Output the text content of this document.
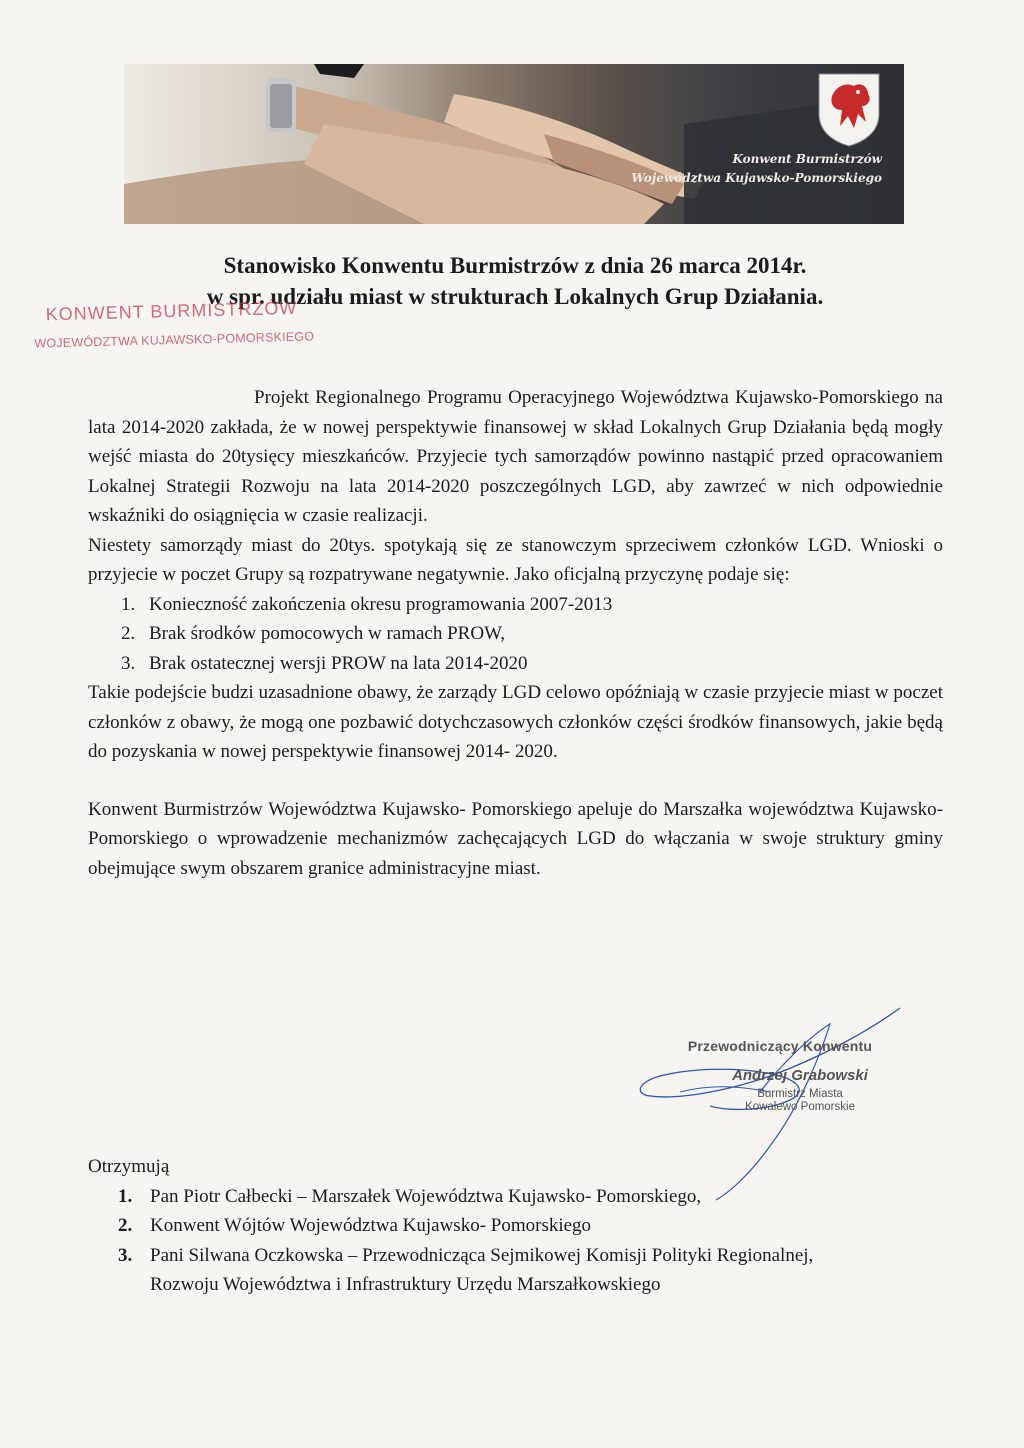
Konwent Burmistrzów
Województwa Kujawsko-Pomorskiego
Stanowisko Konwentu Burmistrzów z dnia 26 marca 2014r.
w spr. udziału miast w strukturach Lokalnych Grup Działania.
KONWENT BURMISTRZÓW
WOJEWÓDZTWA KUJAWSKO-POMORSKIEGO

Projekt Regionalnego Programu Operacyjnego Województwa Kujawsko-Pomorskiego na lata 2014-2020 zakłada, że w nowej perspektywie finansowej w skład Lokalnych Grup Działania będą mogły wejść miasta do 20tysięcy mieszkańców. Przyjecie tych samorządów powinno nastąpić przed opracowaniem Lokalnej Strategii Rozwoju na lata 2014-2020 poszczególnych LGD, aby zawrzeć w nich odpowiednie wskaźniki do osiągnięcia w czasie realizacji.

Niestety samorządy miast do 20tys. spotykają się ze stanowczym sprzeciwem członków LGD. Wnioski o przyjecie w poczet Grupy są rozpatrywane negatywnie. Jako oficjalną przyczynę podaje się:

1. Konieczność zakończenia okresu programowania 2007-2013
2. Brak środków pomocowych w ramach PROW,
3. Brak ostatecznej wersji PROW na lata 2014-2020

Takie podejście budzi uzasadnione obawy, że zarządy LGD celowo opóźniają w czasie przyjecie miast w poczet członków z obawy, że mogą one pozbawić dotychczasowych członków części środków finansowych, jakie będą do pozyskania w nowej perspektywie finansowej 2014- 2020.

Konwent Burmistrzów Województwa Kujawsko- Pomorskiego apeluje do Marszałka województwa Kujawsko- Pomorskiego o wprowadzenie mechanizmów zachęcających LGD do włączania w swoje struktury gminy obejmujące swym obszarem granice administracyjne miast.

Przewodniczący Konwentu
Andrzej Grabowski
Burmistrz Miasta
Kowalewo Pomorskie
Otrzymują
1. Pan Piotr Całbecki – Marszałek Województwa Kujawsko- Pomorskiego,
2. Konwent Wójtów Województwa Kujawsko- Pomorskiego
3. Pani Silwana Oczkowska – Przewodnicząca Sejmikowej Komisji Polityki Regionalnej,
Rozwoju Województwa i Infrastruktury Urzędu Marszałkowskiego
